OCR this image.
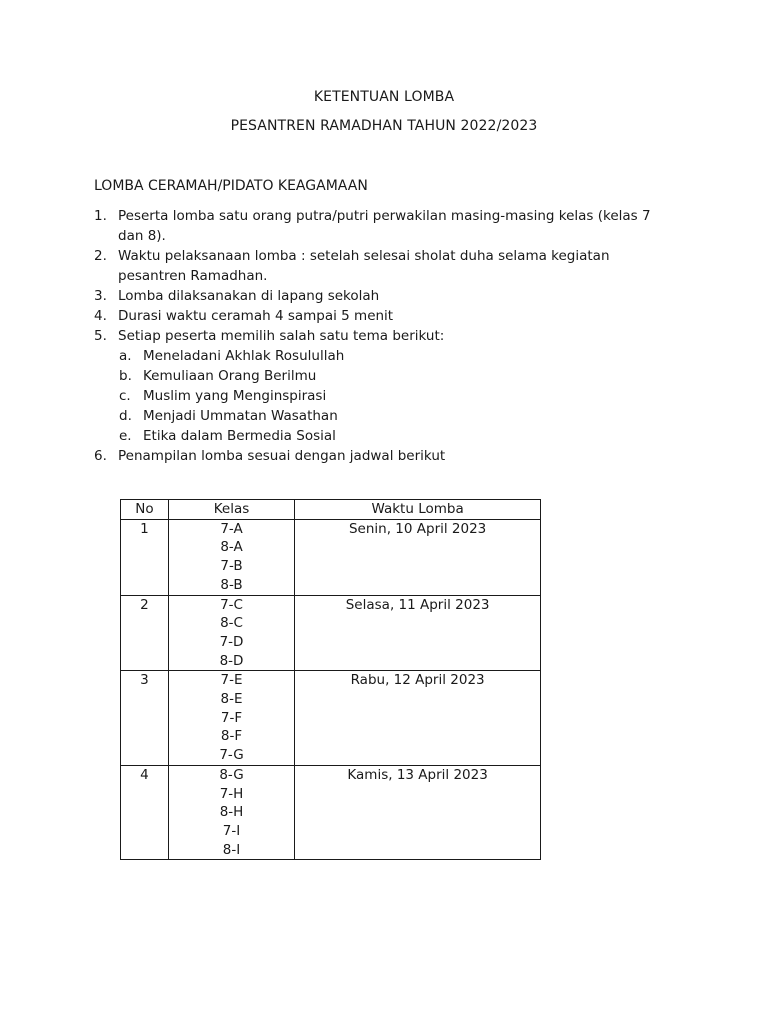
KETENTUAN LOMBA
PESANTREN RAMADHAN TAHUN 2022/2023
LOMBA CERAMAH/PIDATO KEAGAMAAN
1. Peserta lomba satu orang putra/putri perwakilan masing-masing kelas (kelas 7 dan 8).
2. Waktu pelaksanaan lomba : setelah selesai sholat duha selama kegiatan pesantren Ramadhan.
3. Lomba dilaksanakan di lapang sekolah
4. Durasi waktu ceramah 4 sampai 5 menit
5. Setiap peserta memilih salah satu tema berikut:
a. Meneladani Akhlak Rosulullah
b. Kemuliaan Orang Berilmu
c. Muslim yang Menginspirasi
d. Menjadi Ummatan Wasathan
e. Etika dalam Bermedia Sosial
6. Penampilan lomba sesuai dengan jadwal berikut
No	Kelas	Waktu Lomba
1	7-A
8-A
7-B
8-B	Senin, 10 April 2023
2	7-C
8-C
7-D
8-D	Selasa, 11 April 2023
3	7-E
8-E
7-F
8-F
7-G	Rabu, 12 April 2023
4	8-G
7-H
8-H
7-I
8-I	Kamis, 13 April 2023
